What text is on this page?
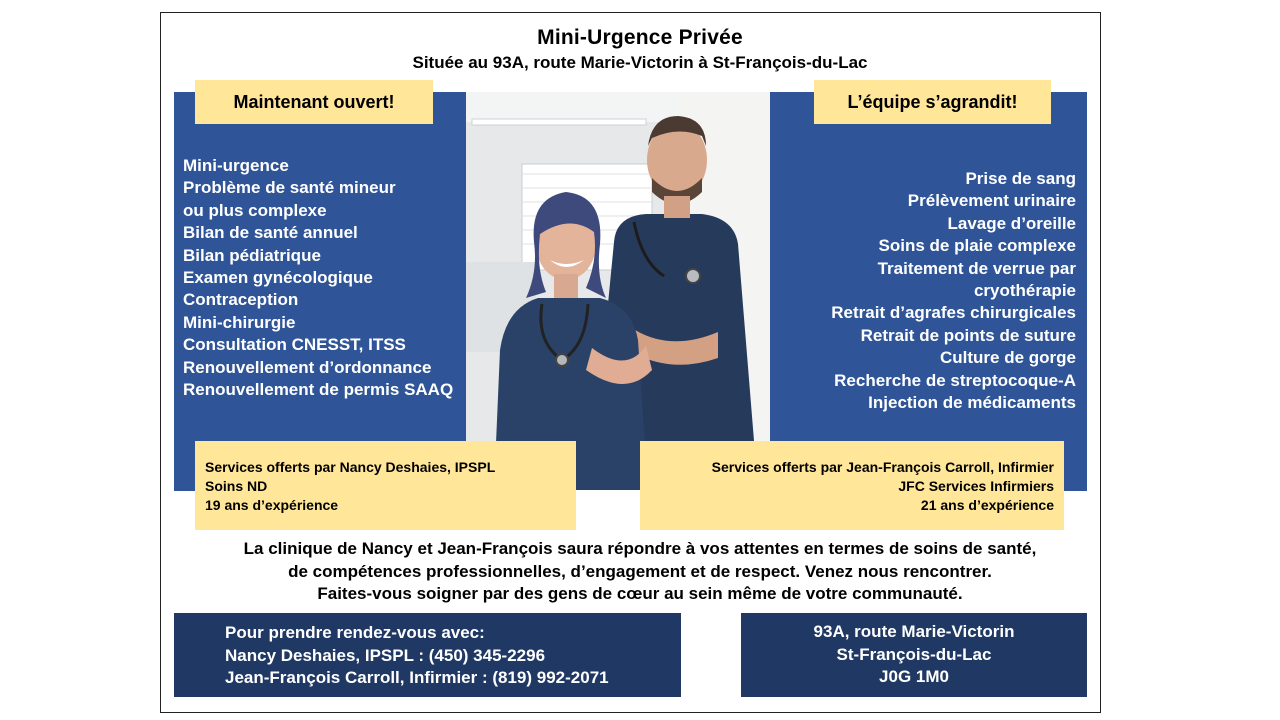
Mini-Urgence Privée
Située au 93A, route Marie-Victorin à St-François-du-Lac
Maintenant ouvert!	L’équipe s’agrandit!
Mini-urgence
Problème de santé mineur
ou plus complexe
Bilan de santé annuel
Bilan pédiatrique
Examen gynécologique
Contraception
Mini-chirurgie
Consultation CNESST, ITSS
Renouvellement d’ordonnance
Renouvellement de permis SAAQ
Prise de sang
Prélèvement urinaire
Lavage d’oreille
Soins de plaie complexe
Traitement de verrue par
cryothérapie
Retrait d’agrafes chirurgicales
Retrait de points de suture
Culture de gorge
Recherche de streptocoque-A
Injection de médicaments
Services offerts par Nancy Deshaies, IPSPL
Soins ND
19 ans d’expérience
Services offerts par Jean-François Carroll, Infirmier
JFC Services Infirmiers
21 ans d’expérience
La clinique de Nancy et Jean-François saura répondre à vos attentes en termes de soins de santé,
de compétences professionnelles, d’engagement et de respect. Venez nous rencontrer.
Faites-vous soigner par des gens de cœur au sein même de votre communauté.
Pour prendre rendez-vous avec:
Nancy Deshaies, IPSPL : (450) 345-2296
Jean-François Carroll, Infirmier : (819) 992-2071
93A, route Marie-Victorin
St-François-du-Lac
J0G 1M0
